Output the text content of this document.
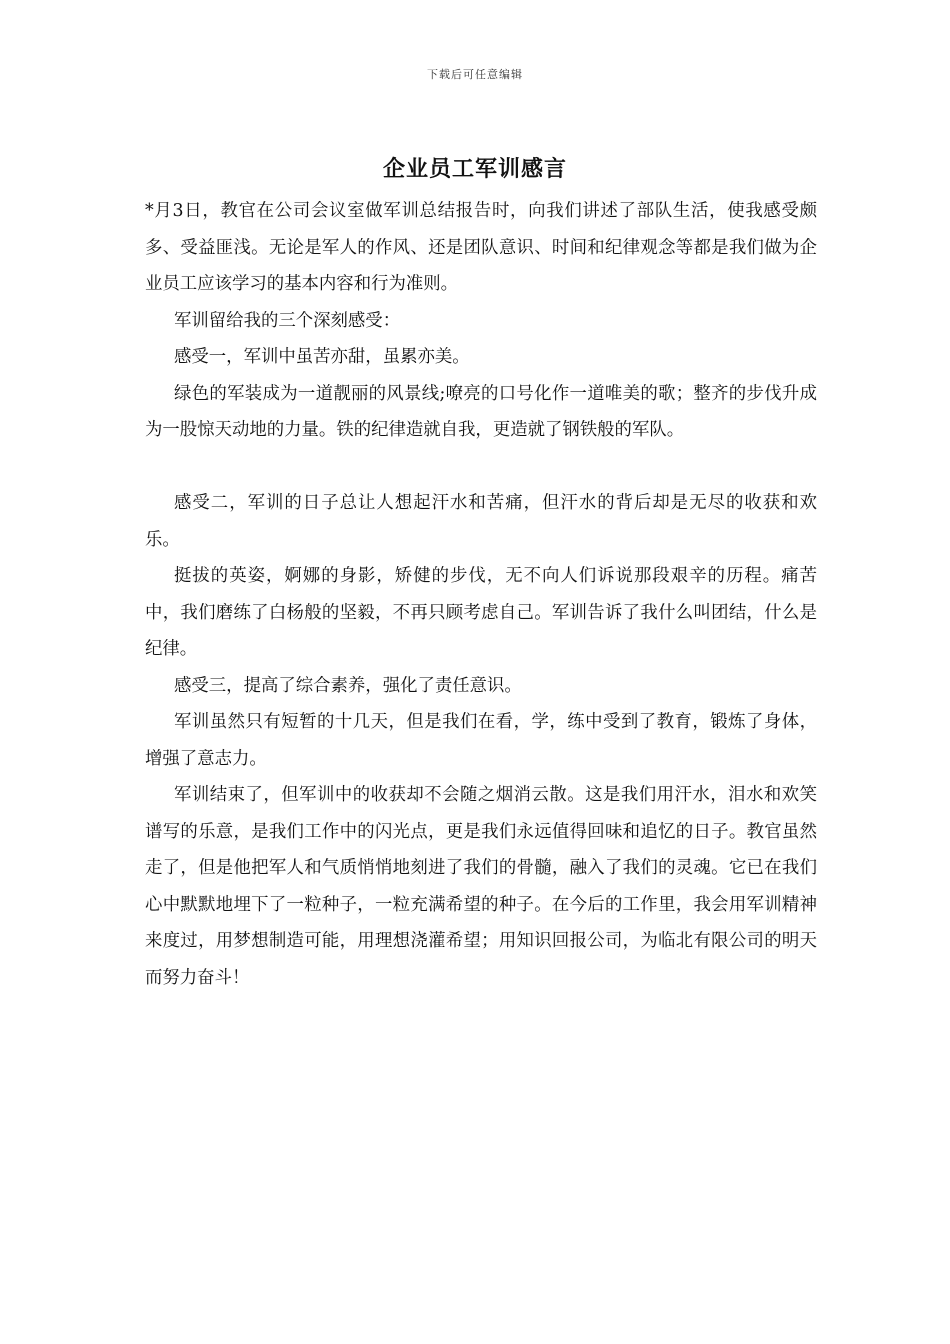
下载后可任意编辑
企业员工军训感言

*月3日，教官在公司会议室做军训总结报告时，向我们讲述了部队生活，使我感受颇多、受益匪浅。无论是军人的作风、还是团队意识、时间和纪律观念等都是我们做为企业员工应该学习的基本内容和行为准则。

军训留给我的三个深刻感受：

感受一，军训中虽苦亦甜，虽累亦美。

绿色的军装成为一道靓丽的风景线;嘹亮的口号化作一道唯美的歌；整齐的步伐升成为一股惊天动地的力量。铁的纪律造就自我，更造就了钢铁般的军队。

感受二，军训的日子总让人想起汗水和苦痛，但汗水的背后却是无尽的收获和欢乐。

挺拔的英姿，婀娜的身影，矫健的步伐，无不向人们诉说那段艰辛的历程。痛苦中，我们磨练了白杨般的坚毅，不再只顾考虑自己。军训告诉了我什么叫团结，什么是纪律。

感受三，提高了综合素养，强化了责任意识。

军训虽然只有短暂的十几天，但是我们在看，学，练中受到了教育，锻炼了身体，增强了意志力。

军训结束了，但军训中的收获却不会随之烟消云散。这是我们用汗水，泪水和欢笑谱写的乐意，是我们工作中的闪光点，更是我们永远值得回味和追忆的日子。教官虽然走了，但是他把军人和气质悄悄地刻进了我们的骨髓，融入了我们的灵魂。它已在我们心中默默地埋下了一粒种子，一粒充满希望的种子。在今后的工作里，我会用军训精神来度过，用梦想制造可能，用理想浇灌希望；用知识回报公司，为临北有限公司的明天而努力奋斗！
